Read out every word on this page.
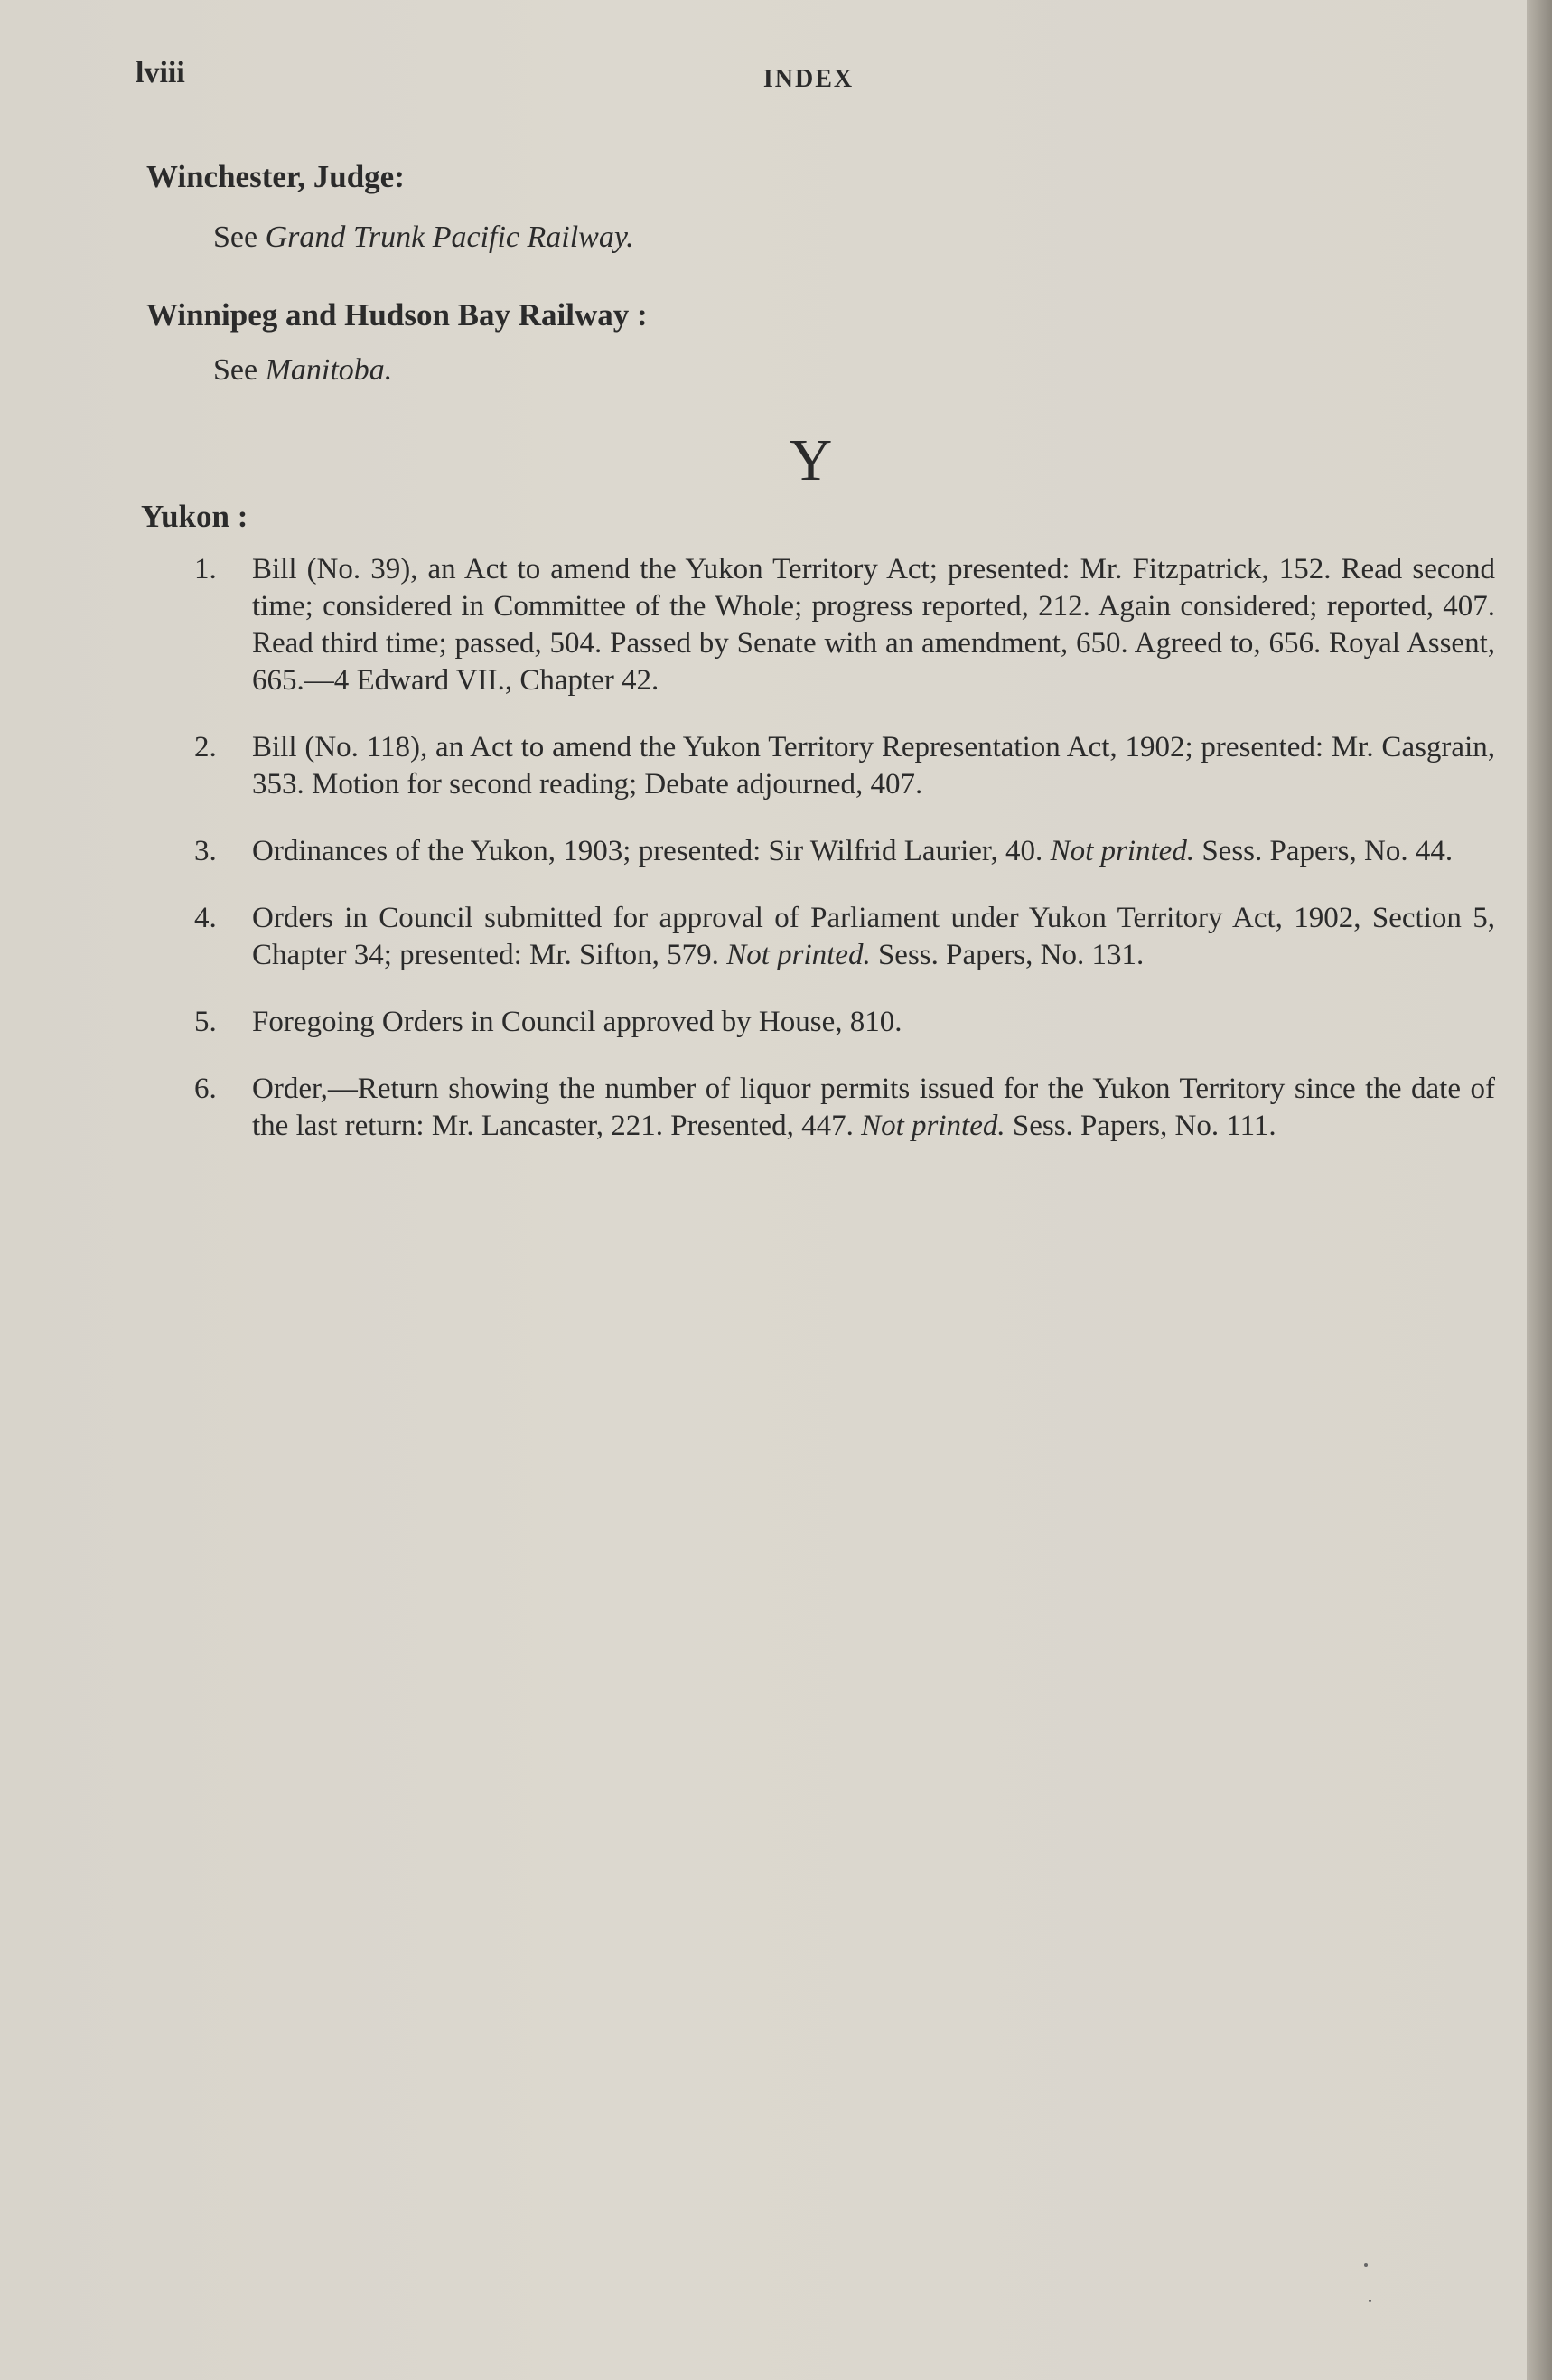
lviii	INDEX
Winchester, Judge:
See Grand Trunk Pacific Railway.
Winnipeg and Hudson Bay Railway :
See Manitoba.
Y
Yukon :
1.	Bill (No. 39), an Act to amend the Yukon Territory Act; presented: Mr. Fitzpatrick, 152. Read second time; considered in Committee of the Whole; progress reported, 212. Again considered; reported, 407. Read third time; passed, 504. Passed by Senate with an amendment, 650. Agreed to, 656. Royal Assent, 665.—4 Edward VII., Chapter 42.
2.	Bill (No. 118), an Act to amend the Yukon Territory Representation Act, 1902; presented: Mr. Casgrain, 353. Motion for second reading; Debate adjourned, 407.
3.	Ordinances of the Yukon, 1903; presented: Sir Wilfrid Laurier, 40. Not printed. Sess. Papers, No. 44.
4.	Orders in Council submitted for approval of Parliament under Yukon Territory Act, 1902, Section 5, Chapter 34; presented: Mr. Sifton, 579. Not printed. Sess. Papers, No. 131.
5.	Foregoing Orders in Council approved by House, 810.
6.	Order,—Return showing the number of liquor permits issued for the Yukon Territory since the date of the last return: Mr. Lancaster, 221. Presented, 447. Not printed. Sess. Papers, No. 111.
